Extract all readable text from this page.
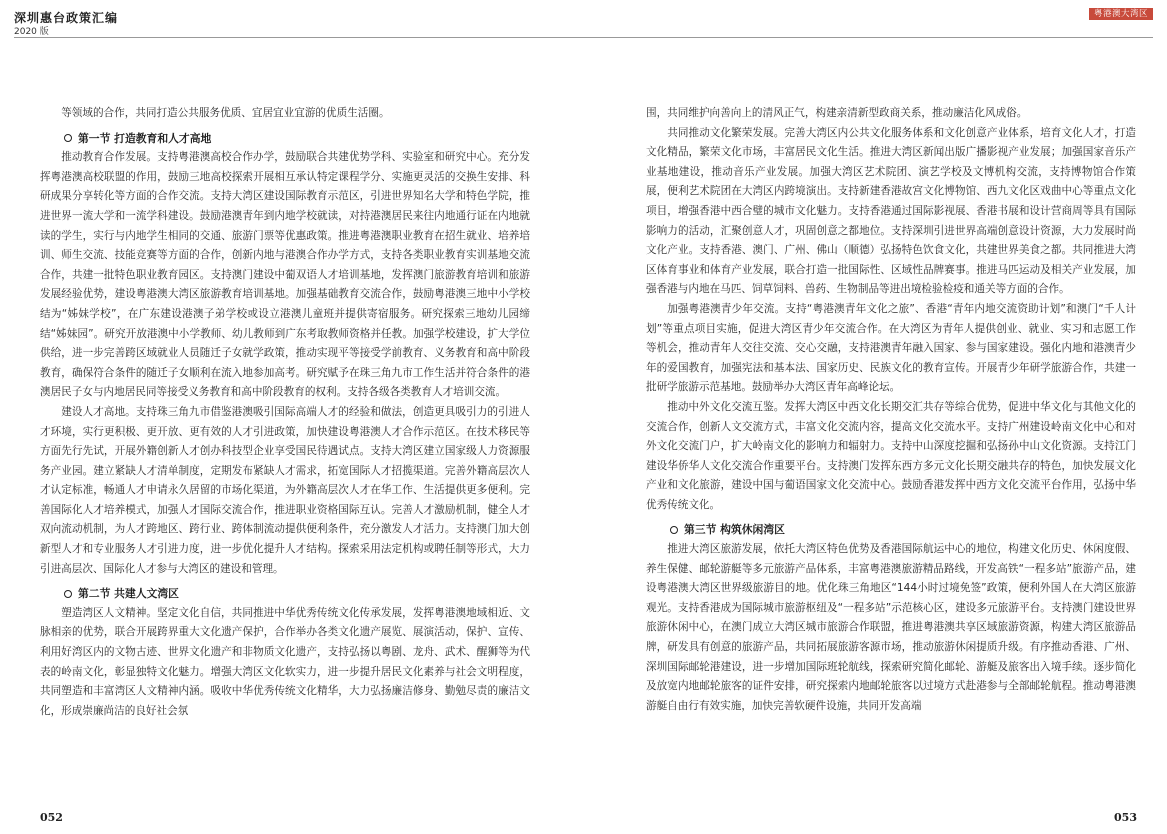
深圳惠台政策汇编
2020 版
粤港澳大湾区

等领域的合作，共同打造公共服务优质、宜居宜业宜游的优质生活圈。

第一节 打造教育和人才高地

推动教育合作发展。支持粤港澳高校合作办学，鼓励联合共建优势学科、实验室和研究中心。充分发挥粤港澳高校联盟的作用，鼓励三地高校探索开展相互承认特定课程学分、实施更灵活的交换生安排、科研成果分享转化等方面的合作交流。支持大湾区建设国际教育示范区，引进世界知名大学和特色学院，推进世界一流大学和一流学科建设。鼓励港澳青年到内地学校就读，对持港澳居民来往内地通行证在内地就读的学生，实行与内地学生相同的交通、旅游门票等优惠政策。推进粤港澳职业教育在招生就业、培养培训、师生交流、技能竞赛等方面的合作，创新内地与港澳合作办学方式，支持各类职业教育实训基地交流合作，共建一批特色职业教育园区。支持澳门建设中葡双语人才培训基地，发挥澳门旅游教育培训和旅游发展经验优势，建设粤港澳大湾区旅游教育培训基地。加强基础教育交流合作，鼓励粤港澳三地中小学校结为“姊妹学校”，在广东建设港澳子弟学校或设立港澳儿童班并提供寄宿服务。研究探索三地幼儿园缔结“姊妹园”。研究开放港澳中小学教师、幼儿教师到广东考取教师资格并任教。加强学校建设，扩大学位供给，进一步完善跨区域就业人员随迁子女就学政策，推动实现平等接受学前教育、义务教育和高中阶段教育，确保符合条件的随迁子女顺利在流入地参加高考。研究赋予在珠三角九市工作生活并符合条件的港澳居民子女与内地居民同等接受义务教育和高中阶段教育的权利。支持各级各类教育人才培训交流。

建设人才高地。支持珠三角九市借鉴港澳吸引国际高端人才的经验和做法，创造更具吸引力的引进人才环境，实行更积极、更开放、更有效的人才引进政策，加快建设粤港澳人才合作示范区。在技术移民等方面先行先试，开展外籍创新人才创办科技型企业享受国民待遇试点。支持大湾区建立国家级人力资源服务产业园。建立紧缺人才清单制度，定期发布紧缺人才需求，拓宽国际人才招揽渠道。完善外籍高层次人才认定标准，畅通人才申请永久居留的市场化渠道，为外籍高层次人才在华工作、生活提供更多便利。完善国际化人才培养模式，加强人才国际交流合作，推进职业资格国际互认。完善人才激励机制，健全人才双向流动机制，为人才跨地区、跨行业、跨体制流动提供便利条件，充分激发人才活力。支持澳门加大创新型人才和专业服务人才引进力度，进一步优化提升人才结构。探索采用法定机构或聘任制等形式，大力引进高层次、国际化人才参与大湾区的建设和管理。

第二节 共建人文湾区

塑造湾区人文精神。坚定文化自信，共同推进中华优秀传统文化传承发展，发挥粤港澳地域相近、文脉相亲的优势，联合开展跨界重大文化遗产保护，合作举办各类文化遗产展览、展演活动，保护、宣传、利用好湾区内的文物古迹、世界文化遗产和非物质文化遗产，支持弘扬以粤剧、龙舟、武术、醒狮等为代表的岭南文化，彰显独特文化魅力。增强大湾区文化软实力，进一步提升居民文化素养与社会文明程度，共同塑造和丰富湾区人文精神内涵。吸收中华优秀传统文化精华，大力弘扬廉洁修身、勤勉尽责的廉洁文化，形成崇廉尚洁的良好社会氛

围，共同维护向善向上的清风正气，构建亲清新型政商关系，推动廉洁化风成俗。

共同推动文化繁荣发展。完善大湾区内公共文化服务体系和文化创意产业体系，培育文化人才，打造文化精品，繁荣文化市场，丰富居民文化生活。推进大湾区新闻出版广播影视产业发展；加强国家音乐产业基地建设，推动音乐产业发展。加强大湾区艺术院团、演艺学校及文博机构交流，支持博物馆合作策展，便利艺术院团在大湾区内跨境演出。支持新建香港故宫文化博物馆、西九文化区戏曲中心等重点文化项目，增强香港中西合璧的城市文化魅力。支持香港通过国际影视展、香港书展和设计营商周等具有国际影响力的活动，汇聚创意人才，巩固创意之都地位。支持深圳引进世界高端创意设计资源，大力发展时尚文化产业。支持香港、澳门、广州、佛山（顺德）弘扬特色饮食文化，共建世界美食之都。共同推进大湾区体育事业和体育产业发展，联合打造一批国际性、区域性品牌赛事。推进马匹运动及相关产业发展，加强香港与内地在马匹、饲草饲料、兽药、生物制品等进出境检验检疫和通关等方面的合作。

加强粤港澳青少年交流。支持“粤港澳青年文化之旅”、香港“青年内地交流资助计划”和澳门“千人计划”等重点项目实施，促进大湾区青少年交流合作。在大湾区为青年人提供创业、就业、实习和志愿工作等机会，推动青年人交往交流、交心交融，支持港澳青年融入国家、参与国家建设。强化内地和港澳青少年的爱国教育，加强宪法和基本法、国家历史、民族文化的教育宣传。开展青少年研学旅游合作，共建一批研学旅游示范基地。鼓励举办大湾区青年高峰论坛。

推动中外文化交流互鉴。发挥大湾区中西文化长期交汇共存等综合优势，促进中华文化与其他文化的交流合作，创新人文交流方式，丰富文化交流内容，提高文化交流水平。支持广州建设岭南文化中心和对外文化交流门户，扩大岭南文化的影响力和辐射力。支持中山深度挖掘和弘扬孙中山文化资源。支持江门建设华侨华人文化交流合作重要平台。支持澳门发挥东西方多元文化长期交融共存的特色，加快发展文化产业和文化旅游，建设中国与葡语国家文化交流中心。鼓励香港发挥中西方文化交流平台作用，弘扬中华优秀传统文化。

第三节 构筑休闲湾区

推进大湾区旅游发展，依托大湾区特色优势及香港国际航运中心的地位，构建文化历史、休闲度假、养生保健、邮轮游艇等多元旅游产品体系，丰富粤港澳旅游精品路线，开发高铁“一程多站”旅游产品，建设粤港澳大湾区世界级旅游目的地。优化珠三角地区“144小时过境免签”政策，便利外国人在大湾区旅游观光。支持香港成为国际城市旅游枢纽及“一程多站”示范核心区，建设多元旅游平台。支持澳门建设世界旅游休闲中心，在澳门成立大湾区城市旅游合作联盟，推进粤港澳共享区域旅游资源，构建大湾区旅游品牌，研发具有创意的旅游产品，共同拓展旅游客源市场，推动旅游休闲提质升级。有序推动香港、广州、深圳国际邮轮港建设，进一步增加国际班轮航线，探索研究简化邮轮、游艇及旅客出入境手续。逐步简化及放宽内地邮轮旅客的证件安排，研究探索内地邮轮旅客以过境方式赴港参与全部邮轮航程。推动粤港澳游艇自由行有效实施，加快完善软硬件设施，共同开发高端

052	053
